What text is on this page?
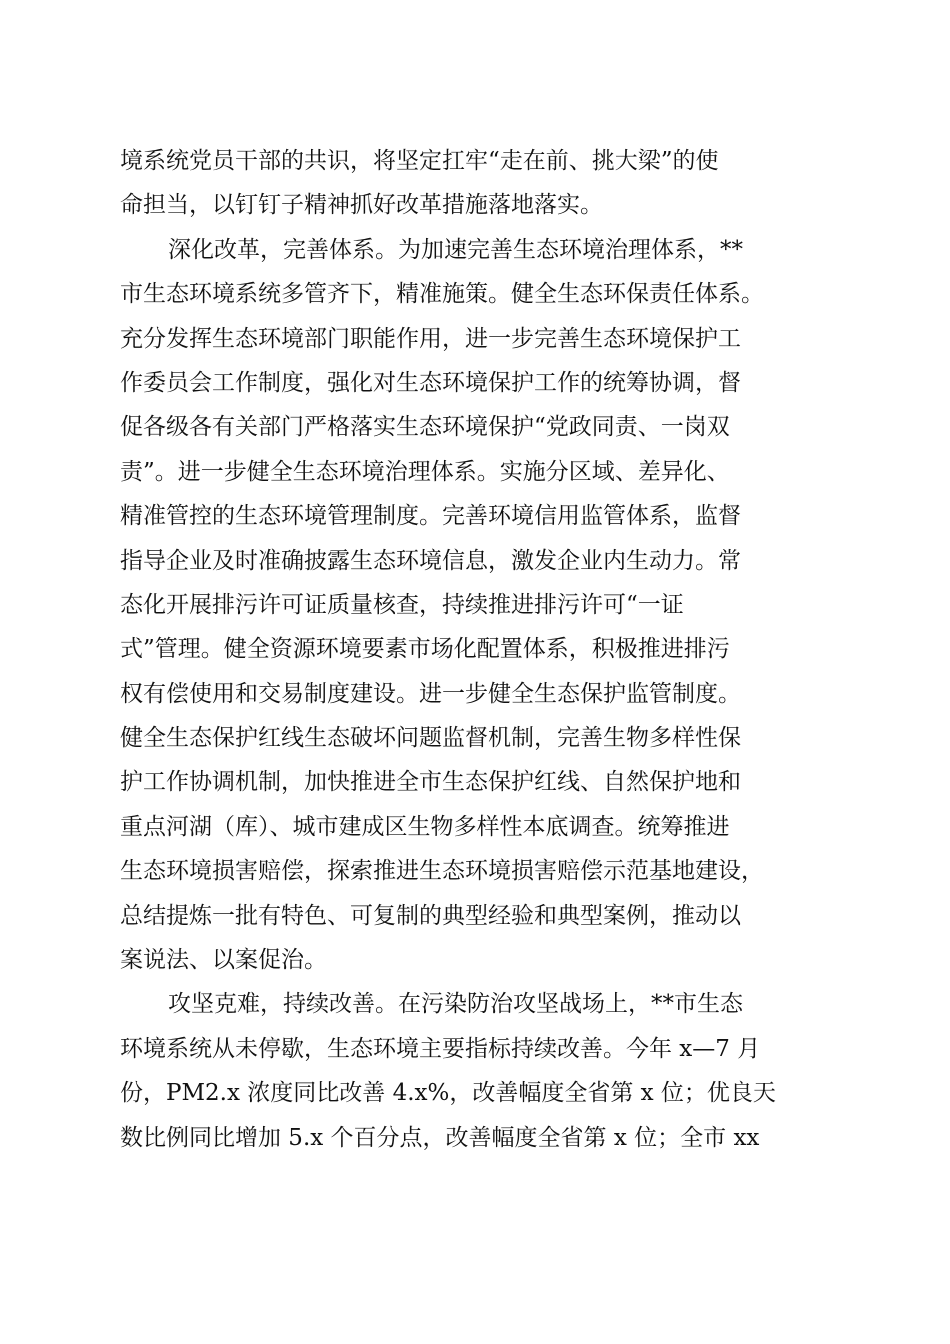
境系统党员干部的共识，将坚定扛牢“走在前、挑大梁”的使
命担当，以钉钉子精神抓好改革措施落地落实。
深化改革，完善体系。为加速完善生态环境治理体系，**
市生态环境系统多管齐下，精准施策。健全生态环保责任体系。
充分发挥生态环境部门职能作用，进一步完善生态环境保护工
作委员会工作制度，强化对生态环境保护工作的统筹协调，督
促各级各有关部门严格落实生态环境保护“党政同责、一岗双
责”。进一步健全生态环境治理体系。实施分区域、差异化、
精准管控的生态环境管理制度。完善环境信用监管体系，监督
指导企业及时准确披露生态环境信息，激发企业内生动力。常
态化开展排污许可证质量核查，持续推进排污许可“一证
式”管理。健全资源环境要素市场化配置体系，积极推进排污
权有偿使用和交易制度建设。进一步健全生态保护监管制度。
健全生态保护红线生态破坏问题监督机制，完善生物多样性保
护工作协调机制，加快推进全市生态保护红线、自然保护地和
重点河湖（库）、城市建成区生物多样性本底调查。统筹推进
生态环境损害赔偿，探索推进生态环境损害赔偿示范基地建设，
总结提炼一批有特色、可复制的典型经验和典型案例，推动以
案说法、以案促治。
攻坚克难，持续改善。在污染防治攻坚战场上，**市生态
环境系统从未停歇，生态环境主要指标持续改善。今年 x—7 月
份，PM2.x 浓度同比改善 4.x%，改善幅度全省第 x 位；优良天
数比例同比增加 5.x 个百分点，改善幅度全省第 x 位；全市 xx
